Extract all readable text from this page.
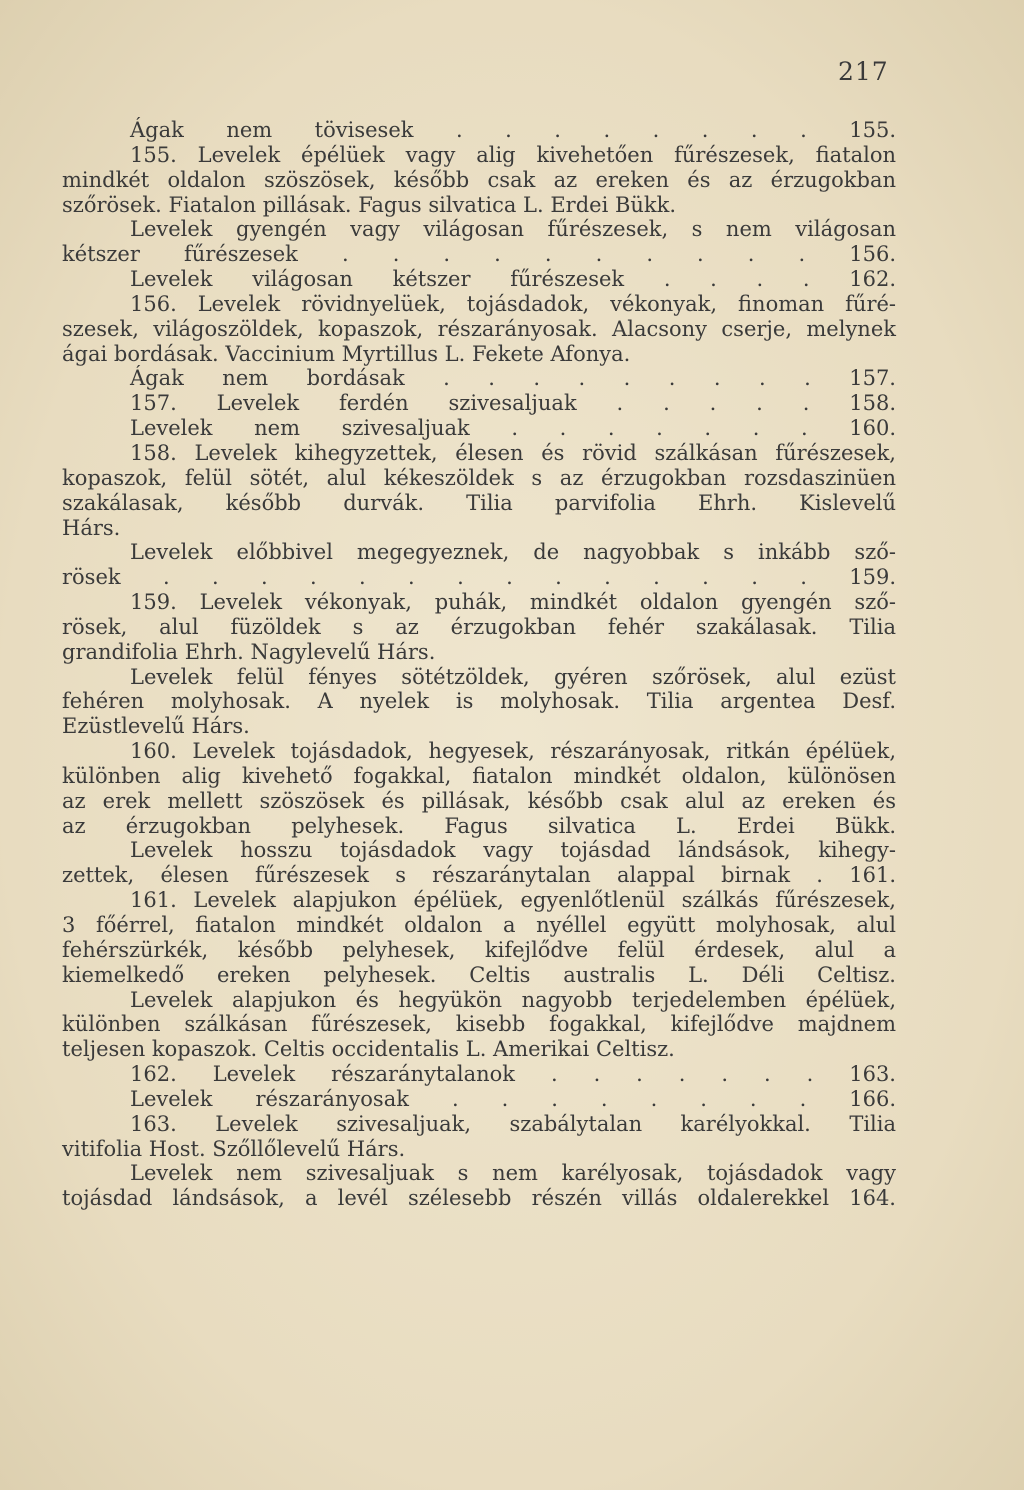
217
Ágak nem tövisesek . . . . . . . . 155.
155. Levelek épélüek vagy alig kivehetően fűrészesek, fiatalon
mindkét oldalon szöszösek, később csak az ereken és az érzugokban
szőrösek. Fiatalon pillásak. Fagus silvatica L. Erdei Bükk.
Levelek gyengén vagy világosan fűrészesek, s nem világosan
kétszer fűrészesek . . . . . . . . . . 156.
Levelek világosan kétszer fűrészesek . . . . 162.
156. Levelek rövidnyelüek, tojásdadok, vékonyak, finoman fűré-
szesek, világoszöldek, kopaszok, részarányosak. Alacsony cserje, melynek
ágai bordásak. Vaccinium Myrtillus L. Fekete Afonya.
Ágak nem bordásak . . . . . . . . . 157.
157. Levelek ferdén szivesaljuak . . . . . 158.
Levelek nem szivesaljuak . . . . . . . 160.
158. Levelek kihegyzettek, élesen és rövid szálkásan fűrészesek,
kopaszok, felül sötét, alul kékeszöldek s az érzugokban rozsdaszinüen
szakálasak, később durvák. Tilia parvifolia Ehrh. Kislevelű
Hárs.
Levelek előbbivel megegyeznek, de nagyobbak s inkább sző-
rösek . . . . . . . . . . . . . . 159.
159. Levelek vékonyak, puhák, mindkét oldalon gyengén sző-
rösek, alul füzöldek s az érzugokban fehér szakálasak. Tilia
grandifolia Ehrh. Nagylevelű Hárs.
Levelek felül fényes sötétzöldek, gyéren szőrösek, alul ezüst
fehéren molyhosak. A nyelek is molyhosak. Tilia argentea Desf.
Ezüstlevelű Hárs.
160. Levelek tojásdadok, hegyesek, részarányosak, ritkán épélüek,
különben alig kivehető fogakkal, fiatalon mindkét oldalon, különösen
az erek mellett szöszösek és pillásak, később csak alul az ereken és
az érzugokban pelyhesek. Fagus silvatica L. Erdei Bükk.
Levelek hosszu tojásdadok vagy tojásdad lándsások, kihegy-
zettek, élesen fűrészesek s részaránytalan alappal birnak . 161.
161. Levelek alapjukon épélüek, egyenlőtlenül szálkás fűrészesek,
3 főérrel, fiatalon mindkét oldalon a nyéllel együtt molyhosak, alul
fehérszürkék, később pelyhesek, kifejlődve felül érdesek, alul a
kiemelkedő ereken pelyhesek. Celtis australis L. Déli Celtisz.
Levelek alapjukon és hegyükön nagyobb terjedelemben épélüek,
különben szálkásan fűrészesek, kisebb fogakkal, kifejlődve majdnem
teljesen kopaszok. Celtis occidentalis L. Amerikai Celtisz.
162. Levelek részaránytalanok . . . . . . . 163.
Levelek részarányosak . . . . . . . . 166.
163. Levelek szivesaljuak, szabálytalan karélyokkal. Tilia
vitifolia Host. Szőllőlevelű Hárs.
Levelek nem szivesaljuak s nem karélyosak, tojásdadok vagy
tojásdad lándsások, a levél szélesebb részén villás oldalerekkel 164.
